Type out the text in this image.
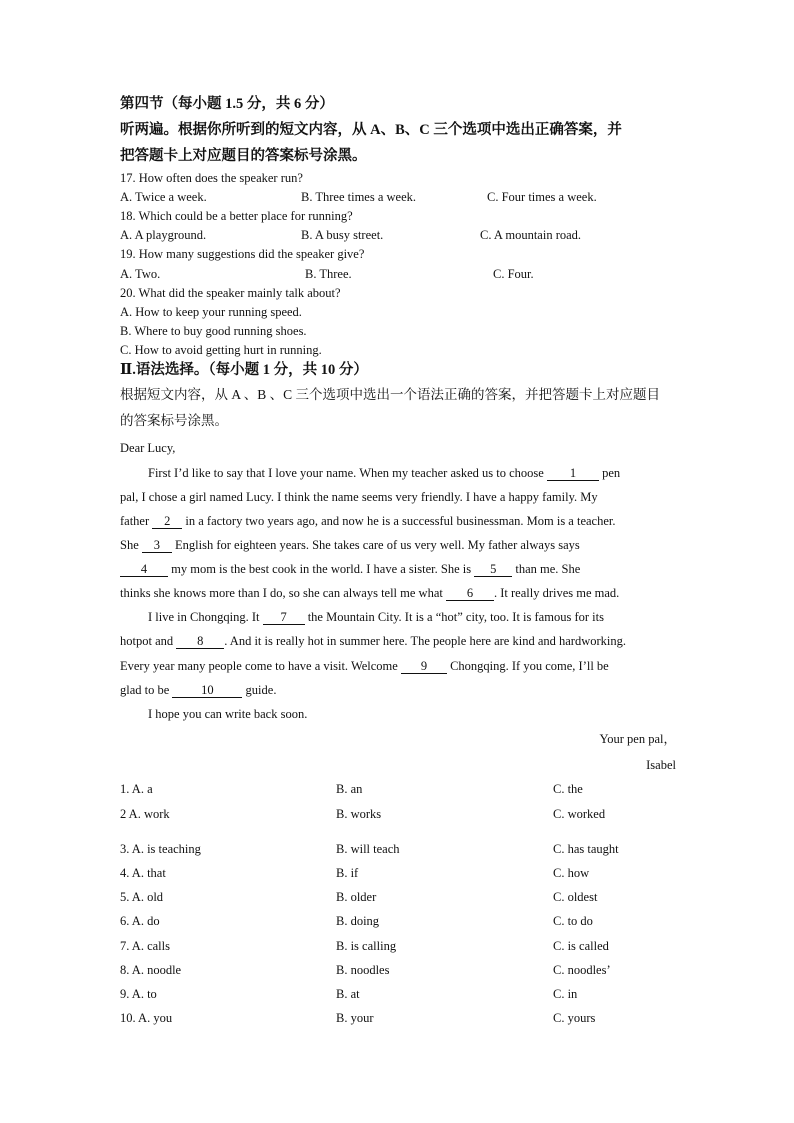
第四节（每小题 1.5 分，共 6 分）
听两遍。根据你所听到的短文内容，从 A、B、C 三个选项中选出正确答案，并
把答题卡上对应题目的答案标号涂黑。
17. How often does the speaker run?
A. Twice a week.	B. Three times a week.	C. Four times a week.
18. Which could be a better place for running?
A. A playground.	B. A busy street.	C. A mountain road.
19. How many suggestions did the speaker give?
A. Two.	B. Three.	C. Four.
20. What did the speaker mainly talk about?
A. How to keep your running speed.
B. Where to buy good running shoes.
C. How to avoid getting hurt in running.
Ⅱ.语法选择。（每小题 1 分，共 10 分）
根据短文内容，从 A 、B 、C 三个选项中选出一个语法正确的答案，并把答题卡上对应题目
的答案标号涂黑。
Dear Lucy,
First I’d like to say that I love your name. When my teacher asked us to choose 1 pen
pal, I chose a girl named Lucy. I think the name seems very friendly. I have a happy family. My
father 2 in a factory two years ago, and now he is a successful businessman. Mom is a teacher.
She 3 English for eighteen years. She takes care of us very well. My father always says
4 my mom is the best cook in the world. I have a sister. She is 5 than me. She
thinks she knows more than I do, so she can always tell me what 6 . It really drives me mad.
I live in Chongqing. It 7 the Mountain City. It is a “hot” city, too. It is famous for its
hotpot and 8 . And it is really hot in summer here. The people here are kind and hardworking.
Every year many people come to have a visit. Welcome 9 Chongqing. If you come, I’ll be
glad to be 10 guide.
I hope you can write back soon.
Your pen pal，
Isabel
1. A. a	B. an	C. the
2 A. work	B. works	C. worked
3. A. is teaching	B. will teach	C. has taught
4. A. that	B. if	C. how
5. A. old	B. older	C. oldest
6. A. do	B. doing	C. to do
7. A. calls	B. is calling	C. is called
8. A. noodle	B. noodles	C. noodles’
9. A. to	B. at	C. in
10. A. you	B. your	C. yours
